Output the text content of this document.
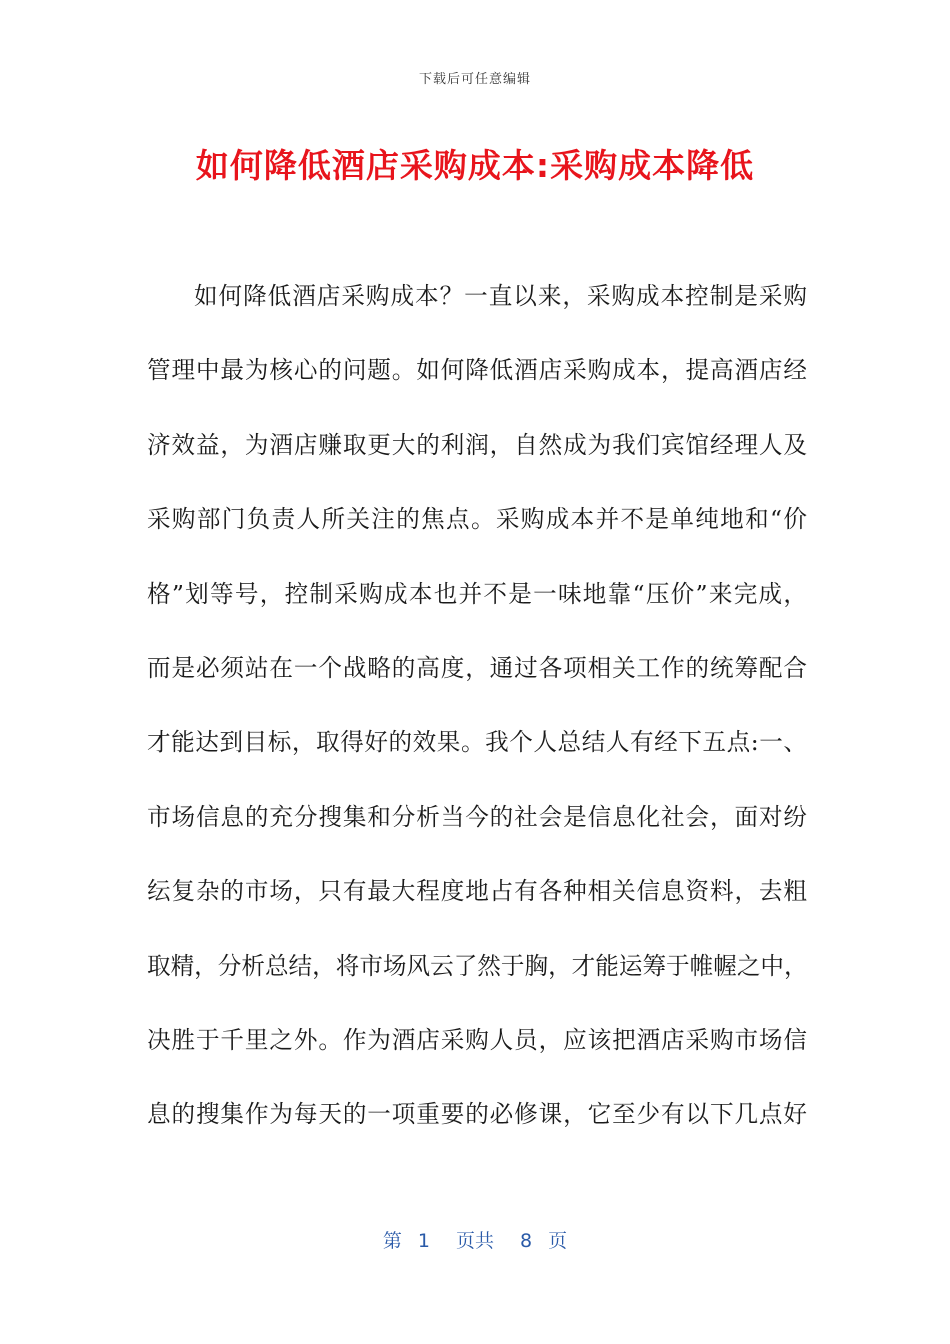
下载后可任意编辑
如何降低酒店采购成本:采购成本降低
如何降低酒店采购成本？一直以来，采购成本控制是采购
管理中最为核心的问题。如何降低酒店采购成本，提高酒店经
济效益，为酒店赚取更大的利润，自然成为我们宾馆经理人及
采购部门负责人所关注的焦点。采购成本并不是单纯地和“价
格”划等号，控制采购成本也并不是一味地靠“压价”来完成，
而是必须站在一个战略的高度，通过各项相关工作的统筹配合
才能达到目标，取得好的效果。我个人总结人有经下五点:一、
市场信息的充分搜集和分析当今的社会是信息化社会，面对纷
纭复杂的市场，只有最大程度地占有各种相关信息资料，去粗
取精，分析总结，将市场风云了然于胸，才能运筹于帷幄之中，
决胜于千里之外。作为酒店采购人员，应该把酒店采购市场信
息的搜集作为每天的一项重要的必修课，它至少有以下几点好
第 1 页共 8 页
